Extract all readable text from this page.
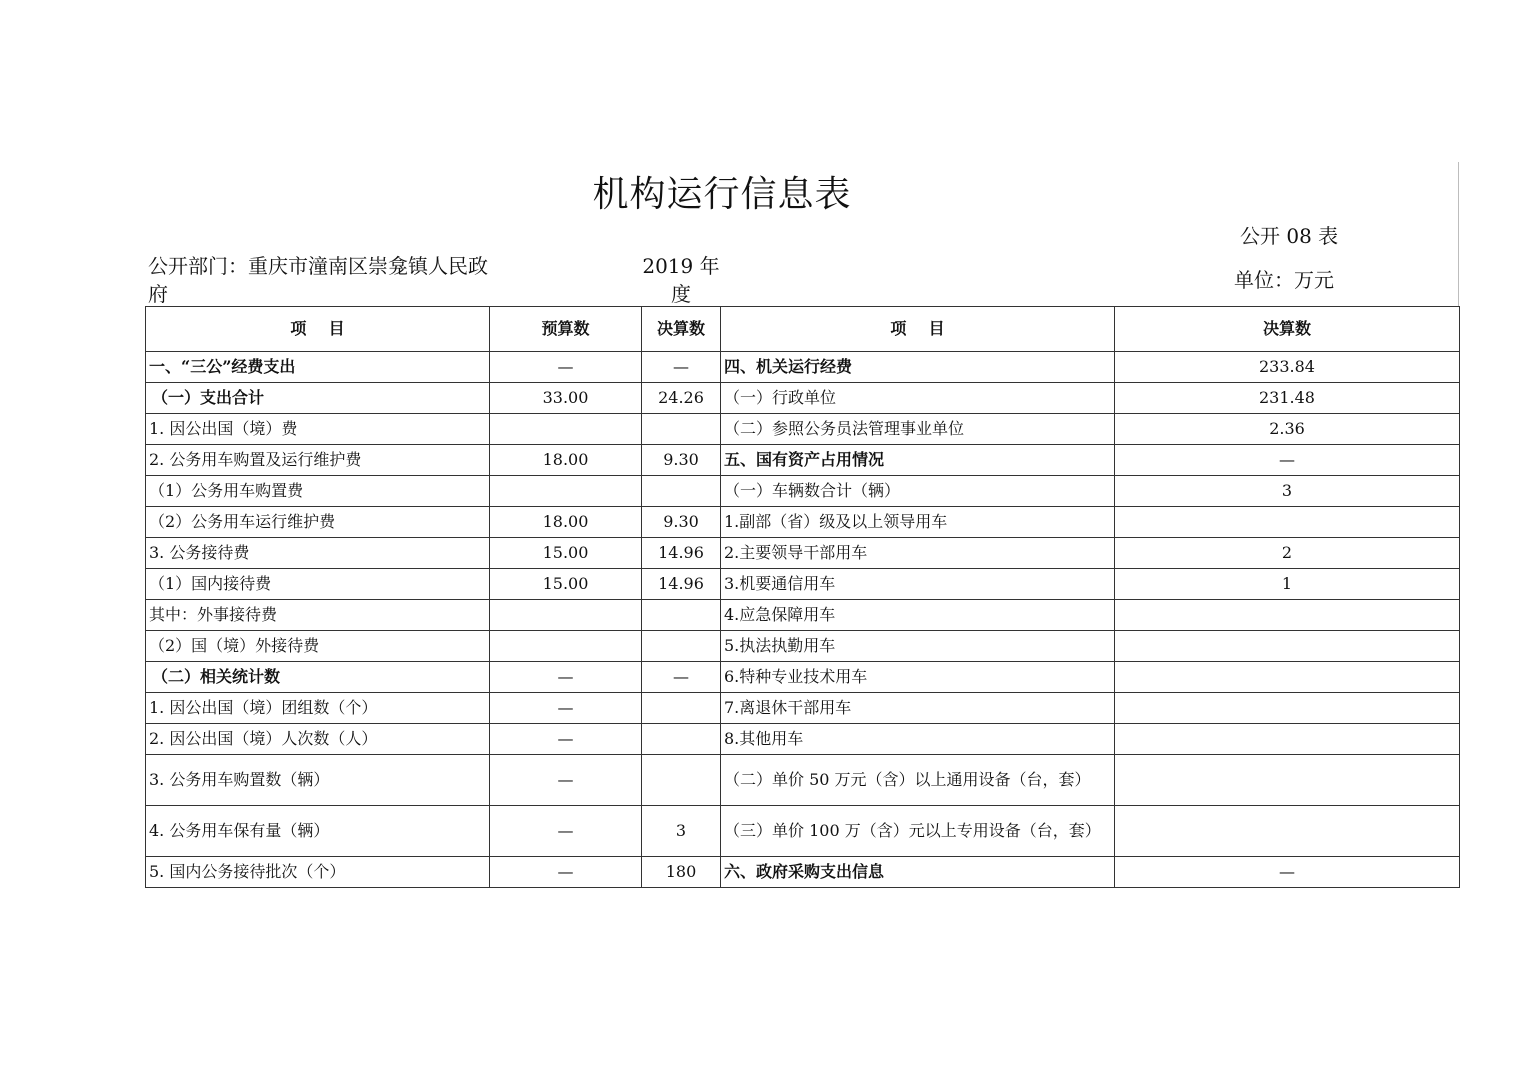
机构运行信息表
公开 08 表
公开部门：重庆市潼南区崇龛镇人民政府
2019 年度
单位：万元
项    目	预算数	决算数	项    目	决算数
一、“三公”经费支出	—	—	四、机关运行经费	233.84
（一）支出合计	33.00	24.26	（一）行政单位	231.48
1. 因公出国（境）费			（二）参照公务员法管理事业单位	2.36
2. 公务用车购置及运行维护费	18.00	9.30	五、国有资产占用情况	—
（1）公务用车购置费			（一）车辆数合计（辆）	3
（2）公务用车运行维护费	18.00	9.30	1.副部（省）级及以上领导用车	
3. 公务接待费	15.00	14.96	2.主要领导干部用车	2
（1）国内接待费	15.00	14.96	3.机要通信用车	1
其中：外事接待费			4.应急保障用车	
（2）国（境）外接待费			5.执法执勤用车	
（二）相关统计数	—	—	6.特种专业技术用车	
1. 因公出国（境）团组数（个）	—		7.离退休干部用车	
2. 因公出国（境）人次数（人）	—		8.其他用车	
3. 公务用车购置数（辆）	—		（二）单价 50 万元（含）以上通用设备（台，套）	
4. 公务用车保有量（辆）	—	3	（三）单价 100 万（含）元以上专用设备（台，套）	
5. 国内公务接待批次（个）	—	180	六、政府采购支出信息	—
